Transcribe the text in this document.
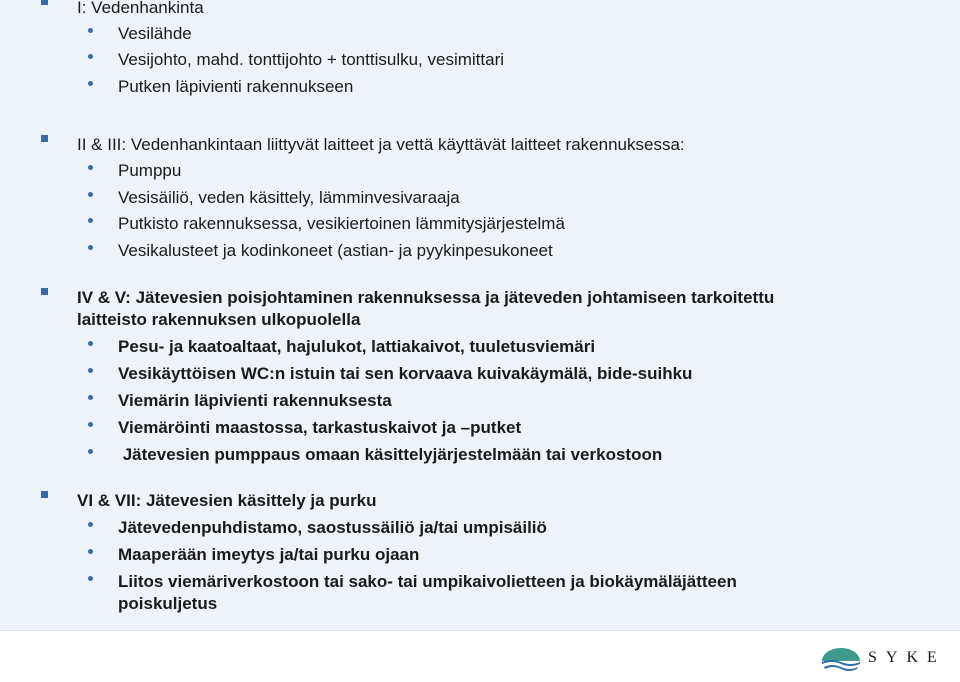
I: Vedenhankinta
Vesilähde
Vesijohto, mahd. tonttijohto + tonttisulku, vesimittari
Putken läpivienti rakennukseen
II & III: Vedenhankintaan liittyvät laitteet ja vettä käyttävät laitteet rakennuksessa:
Pumppu
Vesisäiliö, veden käsittely, lämminvesivaraaja
Putkisto rakennuksessa, vesikiertoinen lämmitysjärjestelmä
Vesikalusteet ja kodinkoneet (astian- ja pyykinpesukoneet
IV & V: Jätevesien poisjohtaminen rakennuksessa ja jäteveden johtamiseen tarkoitettu
laitteisto rakennuksen ulkopuolella
Pesu- ja kaatoaltaat, hajulukot, lattiakaivot, tuuletusviemäri
Vesikäyttöisen WC:n istuin tai sen korvaava kuivakäymälä, bide-suihku
Viemärin läpivienti rakennuksesta
Viemäröinti maastossa, tarkastuskaivot ja –putket
Jätevesien pumppaus omaan käsittelyjärjestelmään tai verkostoon
VI & VII: Jätevesien käsittely ja purku
Jätevedenpuhdistamo, saostussäiliö ja/tai umpisäiliö
Maaperään imeytys ja/tai purku ojaan
Liitos viemäriverkostoon tai sako- tai umpikaivolietteen ja biokäymäläjätteen
poiskuljetus
SYKE
